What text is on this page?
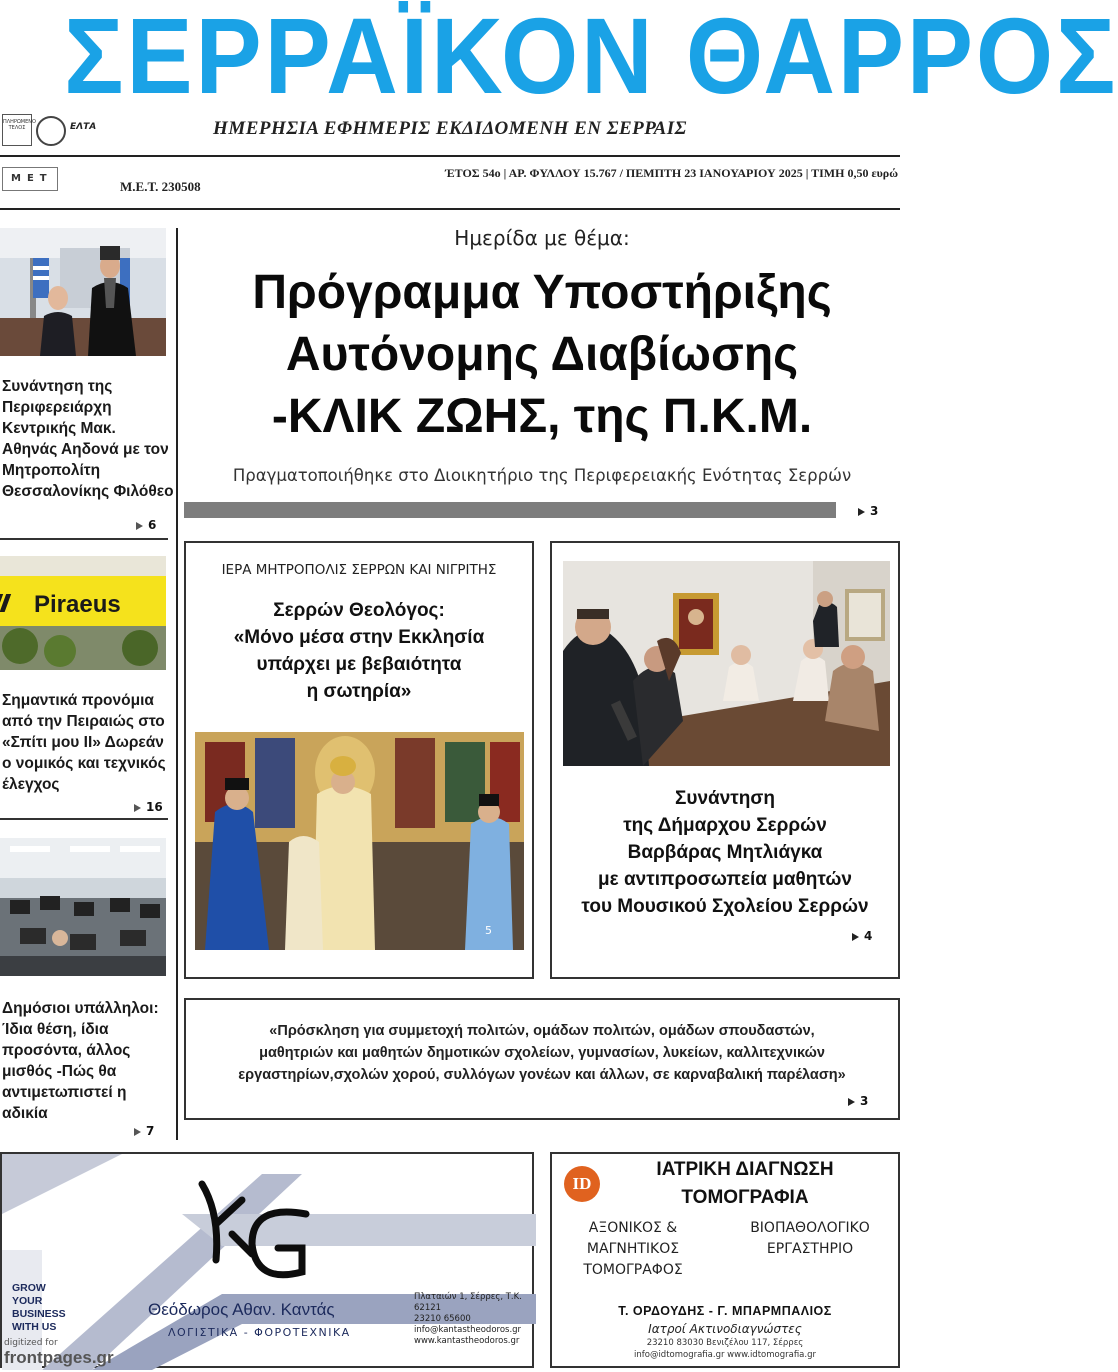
ΣΕΡΡΑΪΚΟΝ ΘΑΡΡΟΣ
ΠΛΗΡΩΜΕΝΟ ΤΕΛΟΣ	ΕΛΤΑ	ΗΜΕΡΗΣΙΑ ΕΦΗΜΕΡΙΣ ΕΚΔΙΔΟΜΕΝΗ ΕΝ ΣΕΡΡΑΙΣ
ΜΕΤ
Μ.Ε.Τ. 230508
ΈΤΟΣ 54ο | ΑΡ. ΦΥΛΛΟΥ 15.767 / ΠΕΜΠΤΗ 23 ΙΑΝΟΥΑΡΙΟΥ 2025 | ΤΙΜΗ 0,50 ευρώ
Συνάντηση της Περιφερειάρχη Κεντρικής Μακ. Αθηνάς Αηδονά με τον Μητροπολίτη Θεσσαλονίκης Φιλόθεο
6
Piraeus
Σημαντικά προνόμια από την Πειραιώς στο «Σπίτι μου ΙΙ» Δωρεάν ο νομικός και τεχνικός έλεγχος
16
Δημόσιοι υπάλληλοι: Ίδια θέση, ίδια προσόντα, άλλος μισθός -Πώς θα αντιμετωπιστεί η αδικία
7
Ημερίδα με θέμα:
Πρόγραμμα Υποστήριξης
Αυτόνομης Διαβίωσης
-ΚΛΙΚ ΖΩΗΣ, της Π.Κ.Μ.
Πραγματοποιήθηκε στο Διοικητήριο της Περιφερειακής Ενότητας Σερρών
3
ΙΕΡΑ ΜΗΤΡΟΠΟΛΙΣ ΣΕΡΡΩΝ ΚΑΙ ΝΙΓΡΙΤΗΣ
Σερρών Θεολόγος:
«Μόνο μέσα στην Εκκλησία
υπάρχει με βεβαιότητα
η σωτηρία»
5
Συνάντηση
της Δήμαρχου Σερρών
Βαρβάρας Μητλιάγκα
με αντιπροσωπεία μαθητών
του Μουσικού Σχολείου Σερρών
4
«Πρόσκληση για συμμετοχή πολιτών, ομάδων πολιτών, ομάδων σπουδαστών,
μαθητριών και μαθητών δημοτικών σχολείων, γυμνασίων, λυκείων, καλλιτεχνικών
εργαστηρίων,σχολών χορού, συλλόγων γονέων και άλλων, σε καρναβαλική παρέλαση»
3
Θεόδωρος Αθαν. Καντάς
ΛΟΓΙΣΤΙΚΑ - ΦΟΡΟΤΕΧΝΙΚΑ
Πλαταιών 1, Σέρρες, Τ.Κ. 62121
23210 65600
info@kantastheodoros.gr
www.kantastheodoros.gr
GROW
YOUR
BUSINESS
WITH US
digitized for
frontpages.gr
ID
ΙΑΤΡΙΚΗ ΔΙΑΓΝΩΣΗ
ΤΟΜΟΓΡΑΦΙΑ
ΑΞΟΝΙΚΟΣ &
ΜΑΓΝΗΤΙΚΟΣ
ΤΟΜΟΓΡΑΦΟΣ
ΒΙΟΠΑΘΟΛΟΓΙΚΟ
ΕΡΓΑΣΤΗΡΙΟ
Τ. ΟΡΔΟΥΔΗΣ - Γ. ΜΠΑΡΜΠΑΛΙΟΣ
Ιατροί Ακτινοδιαγνώστες
23210 83030 Βενιζέλου 117, Σέρρες
info@idtomografia.gr www.idtomografia.gr
